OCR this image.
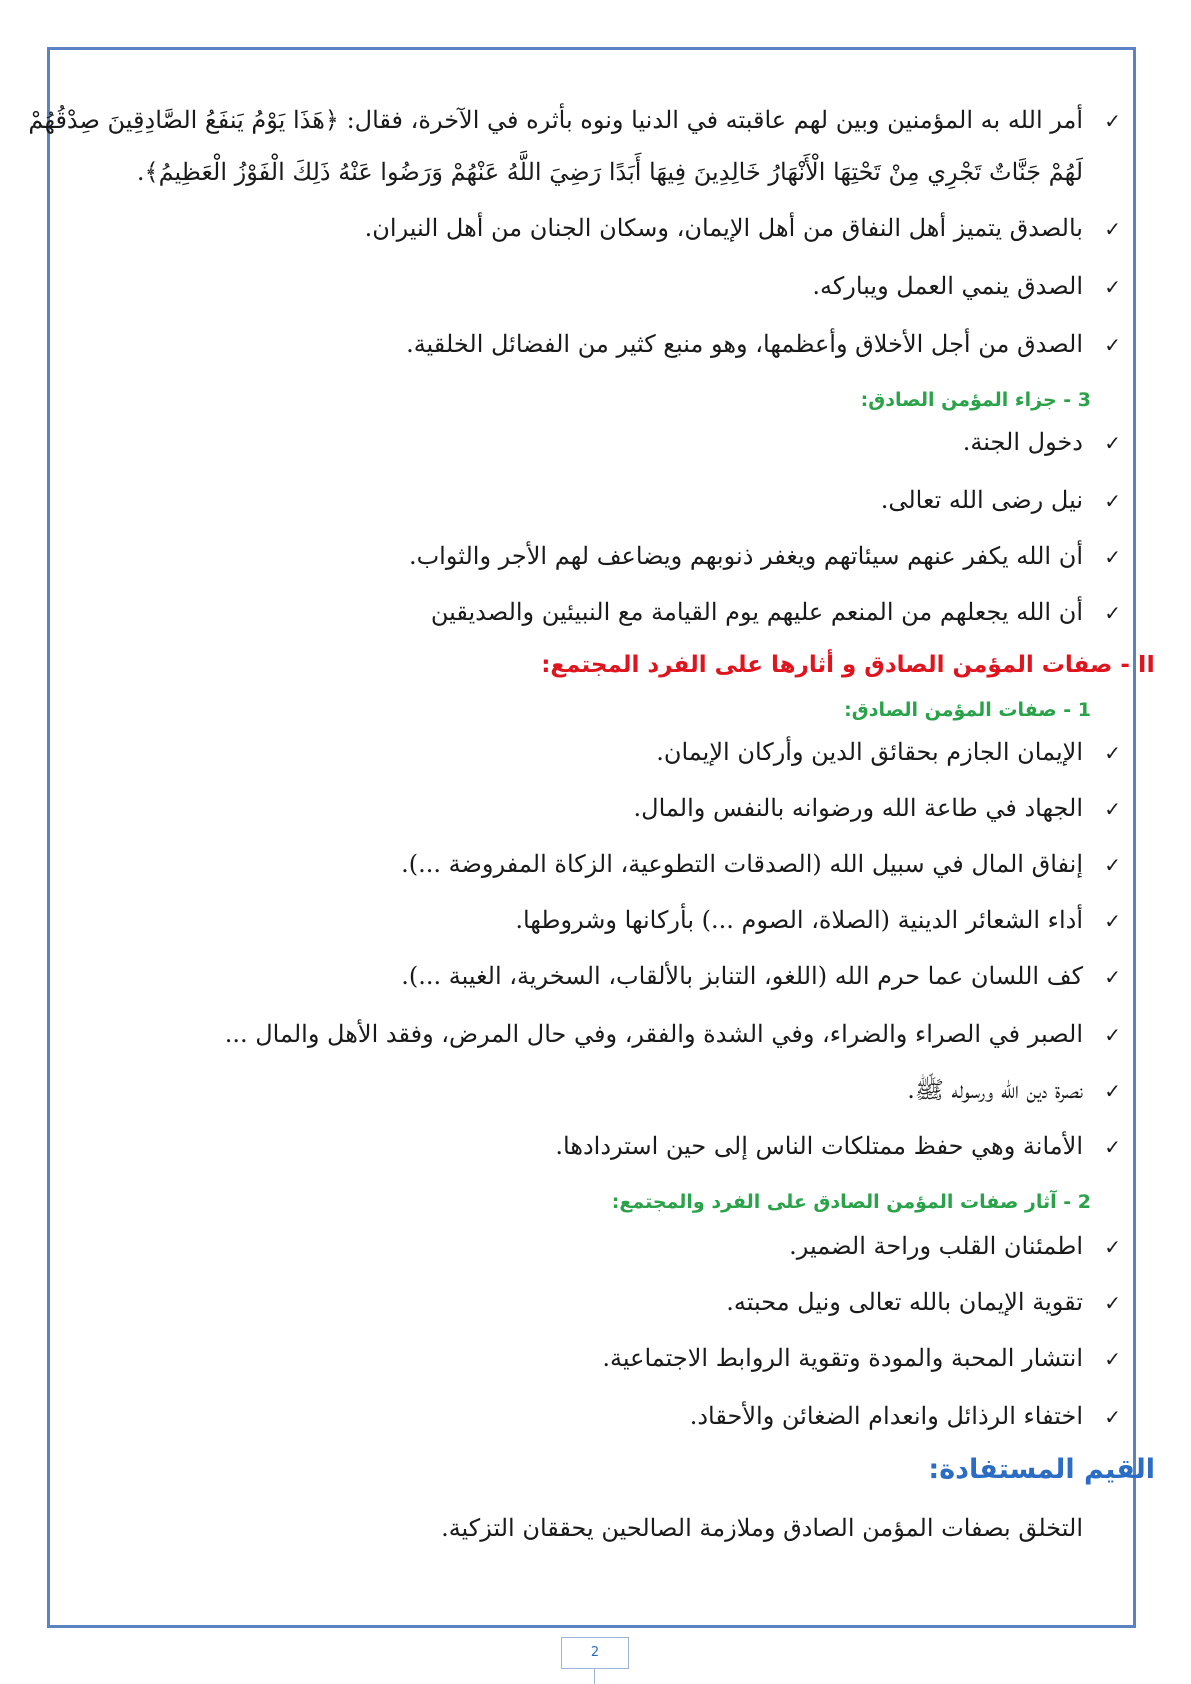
✓أمر الله به المؤمنين وبين لهم عاقبته في الدنيا ونوه بأثره في الآخرة، فقال: ﴿هَذَا يَوْمُ يَنفَعُ الصَّادِقِينَ صِدْقُهُمْ
لَهُمْ جَنَّاتٌ تَجْرِي مِنْ تَحْتِهَا الْأَنْهَارُ خَالِدِينَ فِيهَا أَبَدًا رَضِيَ اللَّهُ عَنْهُمْ وَرَضُوا عَنْهُ ذَلِكَ الْفَوْزُ الْعَظِيمُ﴾.
✓بالصدق يتميز أهل النفاق من أهل الإيمان، وسكان الجنان من أهل النيران.
✓الصدق ينمي العمل ويباركه.
✓الصدق من أجل الأخلاق وأعظمها، وهو منبع كثير من الفضائل الخلقية.
3 - جزاء المؤمن الصادق:
✓دخول الجنة.
✓نيل رضى الله تعالى.
✓أن الله يكفر عنهم سيئاتهم ويغفر ذنوبهم ويضاعف لهم الأجر والثواب.
✓أن الله يجعلهم من المنعم عليهم يوم القيامة مع النبيئين والصديقين
II - صفات المؤمن الصادق و أثارها على الفرد المجتمع:
1 - صفات المؤمن الصادق:
✓الإيمان الجازم بحقائق الدين وأركان الإيمان.
✓الجهاد في طاعة الله ورضوانه بالنفس والمال.
✓إنفاق المال في سبيل الله (الصدقات التطوعية، الزكاة المفروضة ...).
✓أداء الشعائر الدينية (الصلاة، الصوم ...) بأركانها وشروطها.
✓كف اللسان عما حرم الله (اللغو، التنابز بالألقاب، السخرية، الغيبة ...).
✓الصبر في الصراء والضراء، وفي الشدة والفقر، وفي حال المرض، وفقد الأهل والمال ...
✓نصرة دين الله ورسوله ﷺ.
✓الأمانة وهي حفظ ممتلكات الناس إلى حين استردادها.
2 - آثار صفات المؤمن الصادق على الفرد والمجتمع:
✓اطمئنان القلب وراحة الضمير.
✓تقوية الإيمان بالله تعالى ونيل محبته.
✓انتشار المحبة والمودة وتقوية الروابط الاجتماعية.
✓اختفاء الرذائل وانعدام الضغائن والأحقاد.
القيم المستفادة:
التخلق بصفات المؤمن الصادق وملازمة الصالحين يحققان التزكية.
2
